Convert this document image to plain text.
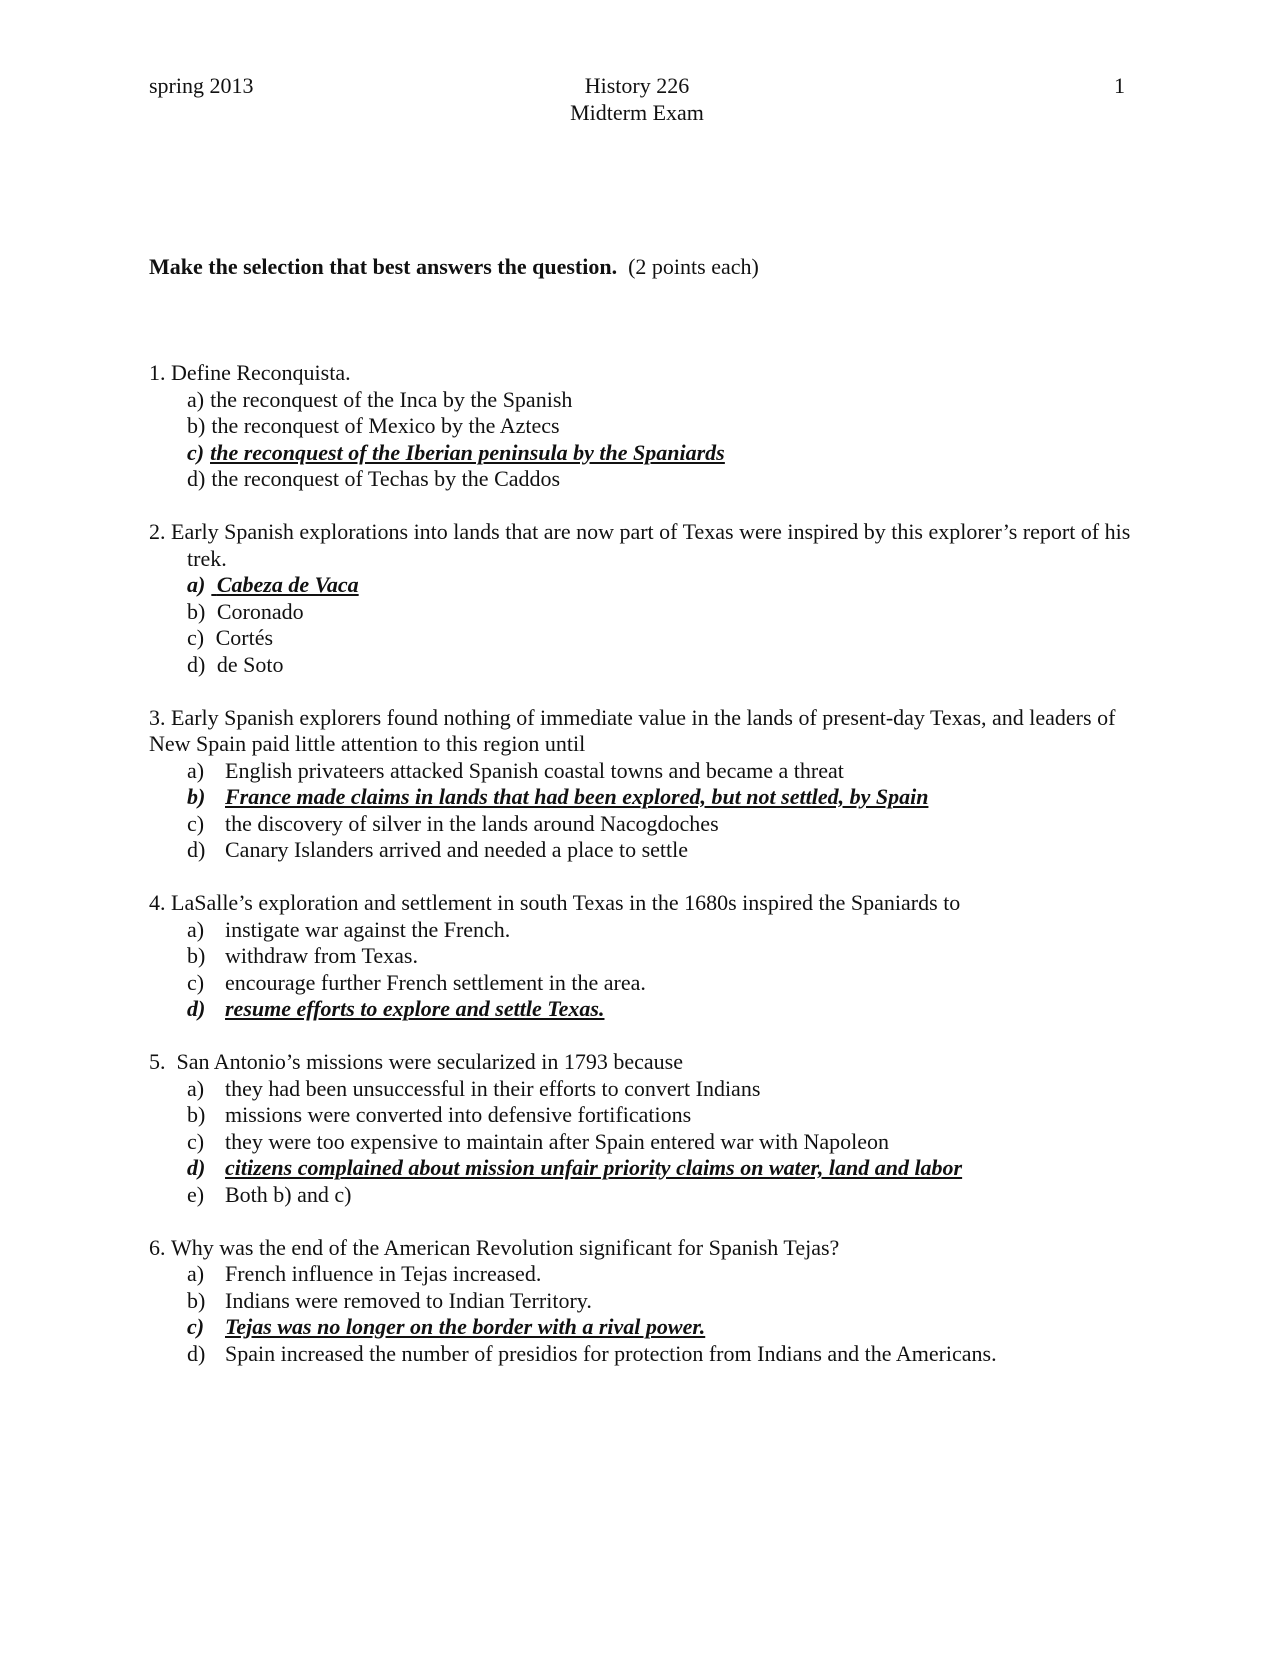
spring 2013	History 226
Midterm Exam
1
Make the selection that best answers the question. (2 points each)
1. Define Reconquista.
a) the reconquest of the Inca by the Spanish
b) the reconquest of Mexico by the Aztecs
c) the reconquest of the Iberian peninsula by the Spaniards
d) the reconquest of Techas by the Caddos
2. Early Spanish explorations into lands that are now part of Texas were inspired by this explorer’s report of his trek.
a) Cabeza de Vaca
b) Coronado
c) Cortés
d) de Soto
3. Early Spanish explorers found nothing of immediate value in the lands of present-day Texas, and leaders of New Spain paid little attention to this region until
a) English privateers attacked Spanish coastal towns and became a threat
b) France made claims in lands that had been explored, but not settled, by Spain
c) the discovery of silver in the lands around Nacogdoches
d) Canary Islanders arrived and needed a place to settle
4. LaSalle’s exploration and settlement in south Texas in the 1680s inspired the Spaniards to
a) instigate war against the French.
b) withdraw from Texas.
c) encourage further French settlement in the area.
d) resume efforts to explore and settle Texas.
5. San Antonio’s missions were secularized in 1793 because
a) they had been unsuccessful in their efforts to convert Indians
b) missions were converted into defensive fortifications
c) they were too expensive to maintain after Spain entered war with Napoleon
d) citizens complained about mission unfair priority claims on water, land and labor
e) Both b) and c)
6. Why was the end of the American Revolution significant for Spanish Tejas?
a) French influence in Tejas increased.
b) Indians were removed to Indian Territory.
c) Tejas was no longer on the border with a rival power.
d) Spain increased the number of presidios for protection from Indians and the Americans.
